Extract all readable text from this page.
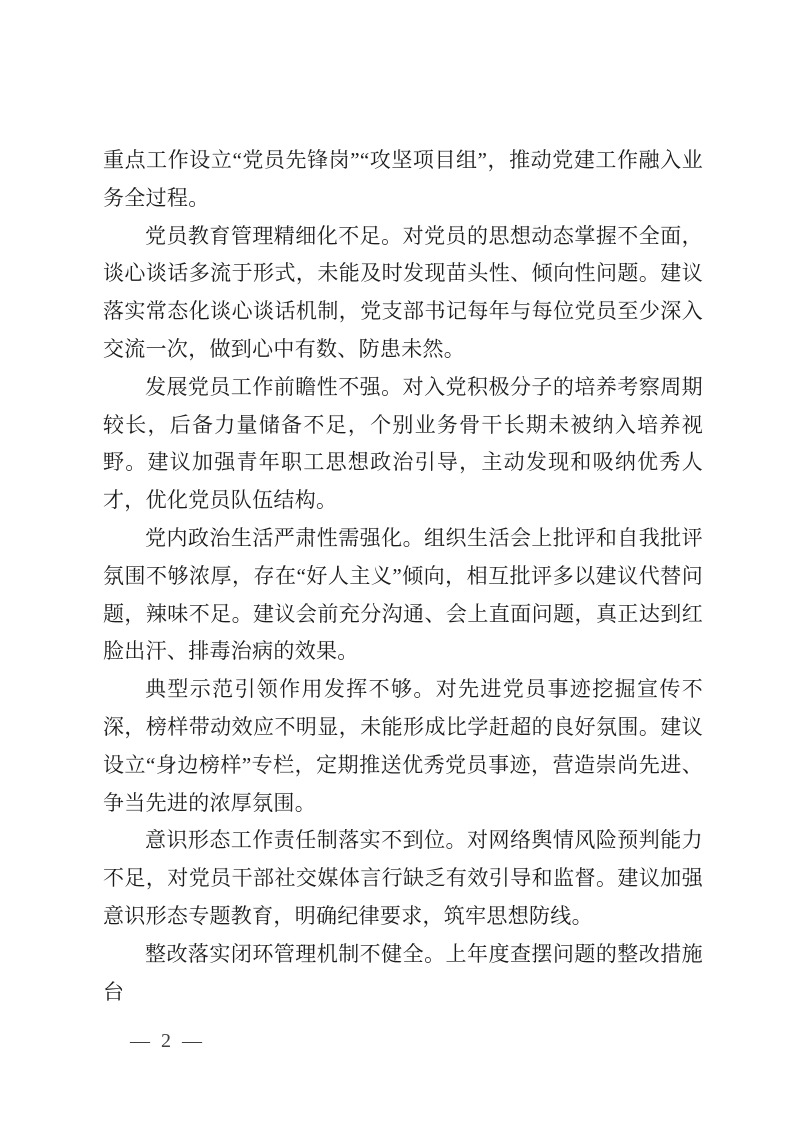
重点工作设立“党员先锋岗”“攻坚项目组”，推动党建工作融入业务全过程。

党员教育管理精细化不足。对党员的思想动态掌握不全面，谈心谈话多流于形式，未能及时发现苗头性、倾向性问题。建议落实常态化谈心谈话机制，党支部书记每年与每位党员至少深入交流一次，做到心中有数、防患未然。

发展党员工作前瞻性不强。对入党积极分子的培养考察周期较长，后备力量储备不足，个别业务骨干长期未被纳入培养视野。建议加强青年职工思想政治引导，主动发现和吸纳优秀人才，优化党员队伍结构。

党内政治生活严肃性需强化。组织生活会上批评和自我批评氛围不够浓厚，存在“好人主义”倾向，相互批评多以建议代替问题，辣味不足。建议会前充分沟通、会上直面问题，真正达到红脸出汗、排毒治病的效果。

典型示范引领作用发挥不够。对先进党员事迹挖掘宣传不深，榜样带动效应不明显，未能形成比学赶超的良好氛围。建议设立“身边榜样”专栏，定期推送优秀党员事迹，营造崇尚先进、争当先进的浓厚氛围。

意识形态工作责任制落实不到位。对网络舆情风险预判能力不足，对党员干部社交媒体言行缺乏有效引导和监督。建议加强意识形态专题教育，明确纪律要求，筑牢思想防线。

整改落实闭环管理机制不健全。上年度查摆问题的整改措施台

— 2 —
